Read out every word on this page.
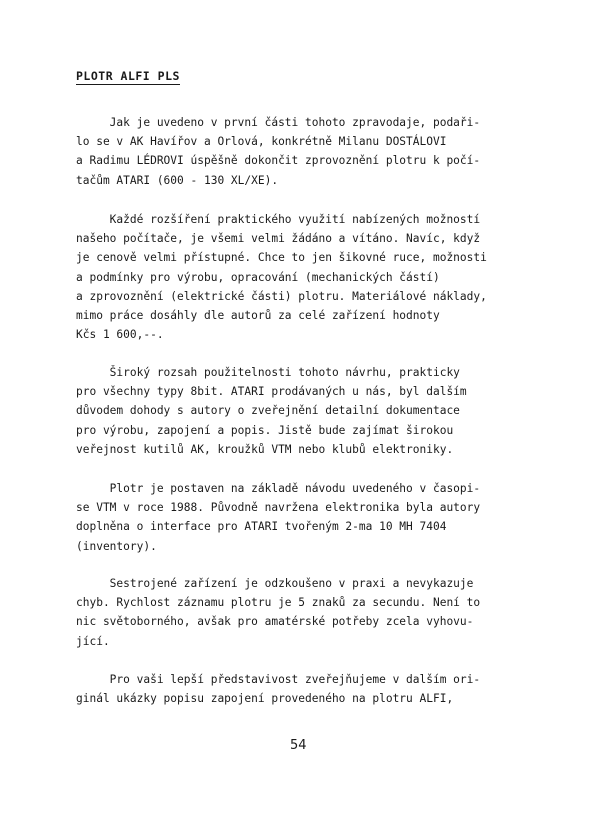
PLOTR ALFI PLS
Jak je uvedeno v první části tohoto zpravodaje, podaři-
lo se v AK Havířov a Orlová, konkrétně Milanu DOSTÁLOVI
a Radimu LÉDROVI úspěšně dokončit zprovoznění plotru k počí-
tačům ATARI (600 - 130 XL/XE).
Každé rozšíření praktického využití nabízených možností
našeho počítače, je všemi velmi žádáno a vítáno. Navíc, když
je cenově velmi přístupné. Chce to jen šikovné ruce, možnosti
a podmínky pro výrobu, opracování (mechanických částí)
a zprovoznění (elektrické části) plotru. Materiálové náklady,
mimo práce dosáhly dle autorů za celé zařízení hodnoty
Kčs 1 600,--.
Široký rozsah použitelnosti tohoto návrhu, prakticky
pro všechny typy 8bit. ATARI prodávaných u nás, byl dalším
důvodem dohody s autory o zveřejnění detailní dokumentace
pro výrobu, zapojení a popis. Jistě bude zajímat širokou
veřejnost kutilů AK, kroužků VTM nebo klubů elektroniky.
Plotr je postaven na základě návodu uvedeného v časopi-
se VTM v roce 1988. Původně navržena elektronika byla autory
doplněna o interface pro ATARI tvořeným 2-ma 10 MH 7404
(inventory).
Sestrojené zařízení je odzkoušeno v praxi a nevykazuje
chyb. Rychlost záznamu plotru je 5 znaků za secundu. Není to
nic světoborného, avšak pro amatérské potřeby zcela vyhovu-
jící.
Pro vaši lepší představivost zveřejňujeme v dalším ori-
ginál ukázky popisu zapojení provedeného na plotru ALFI,
54
